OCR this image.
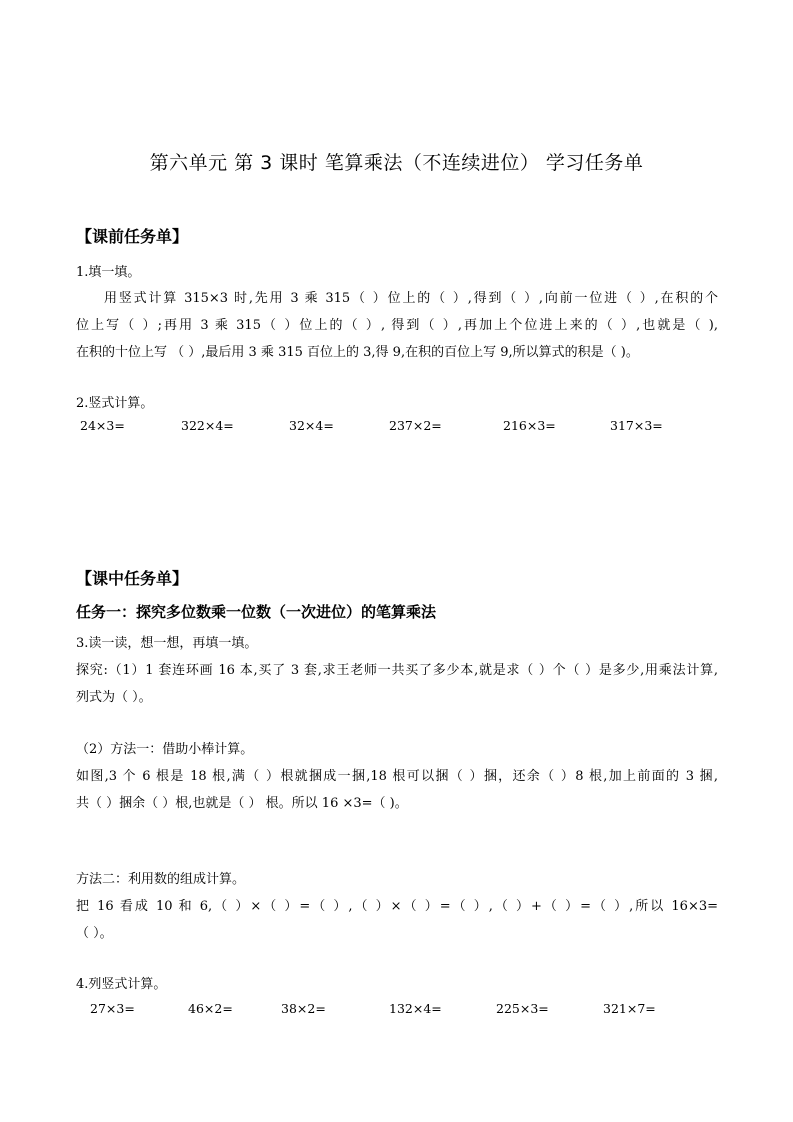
第六单元 第 3 课时 笔算乘法（不连续进位） 学习任务单
【课前任务单】
1.填一填。
用竖式计算 315×3 时,先用 3 乘 315（ ）位上的（ ）,得到（ ）,向前一位进（ ）,在积的个
位上写（ ）;再用 3 乘 315（ ）位上的（ ）, 得到（ ）,再加上个位进上来的（ ）,也就是（ ),
在积的十位上写 （ ）,最后用 3 乘 315 百位上的 3,得 9,在积的百位上写 9,所以算式的积是（ )。
2.竖式计算。
24×3=	322×4=	32×4=	237×2=	216×3=	317×3=
【课中任务单】
任务一：探究多位数乘一位数（一次进位）的笔算乘法
3.读一读，想一想，再填一填。
探究:（1）1 套连环画 16 本,买了 3 套,求王老师一共买了多少本,就是求（ ）个（ ）是多少,用乘法计算,
列式为（ ）。
（2）方法一：借助小棒计算。
如图,3 个 6 根是 18 根,满（ ）根就捆成一捆,18 根可以捆（ ）捆，还余（ ）8 根,加上前面的 3 捆,
共（ ）捆余（ ）根,也就是（ ） 根。所以 16 ×3=（ )。
方法二：利用数的组成计算。
把 16 看成 10 和 6,（ ）×（ ）=（ ）,（ ）×（ ）=（ ）,（ ）+（ ）=（ ）,所以 16×3=
（ ）。
4.列竖式计算。
27×3=	46×2=	38×2=	132×4=	225×3=	321×7=
